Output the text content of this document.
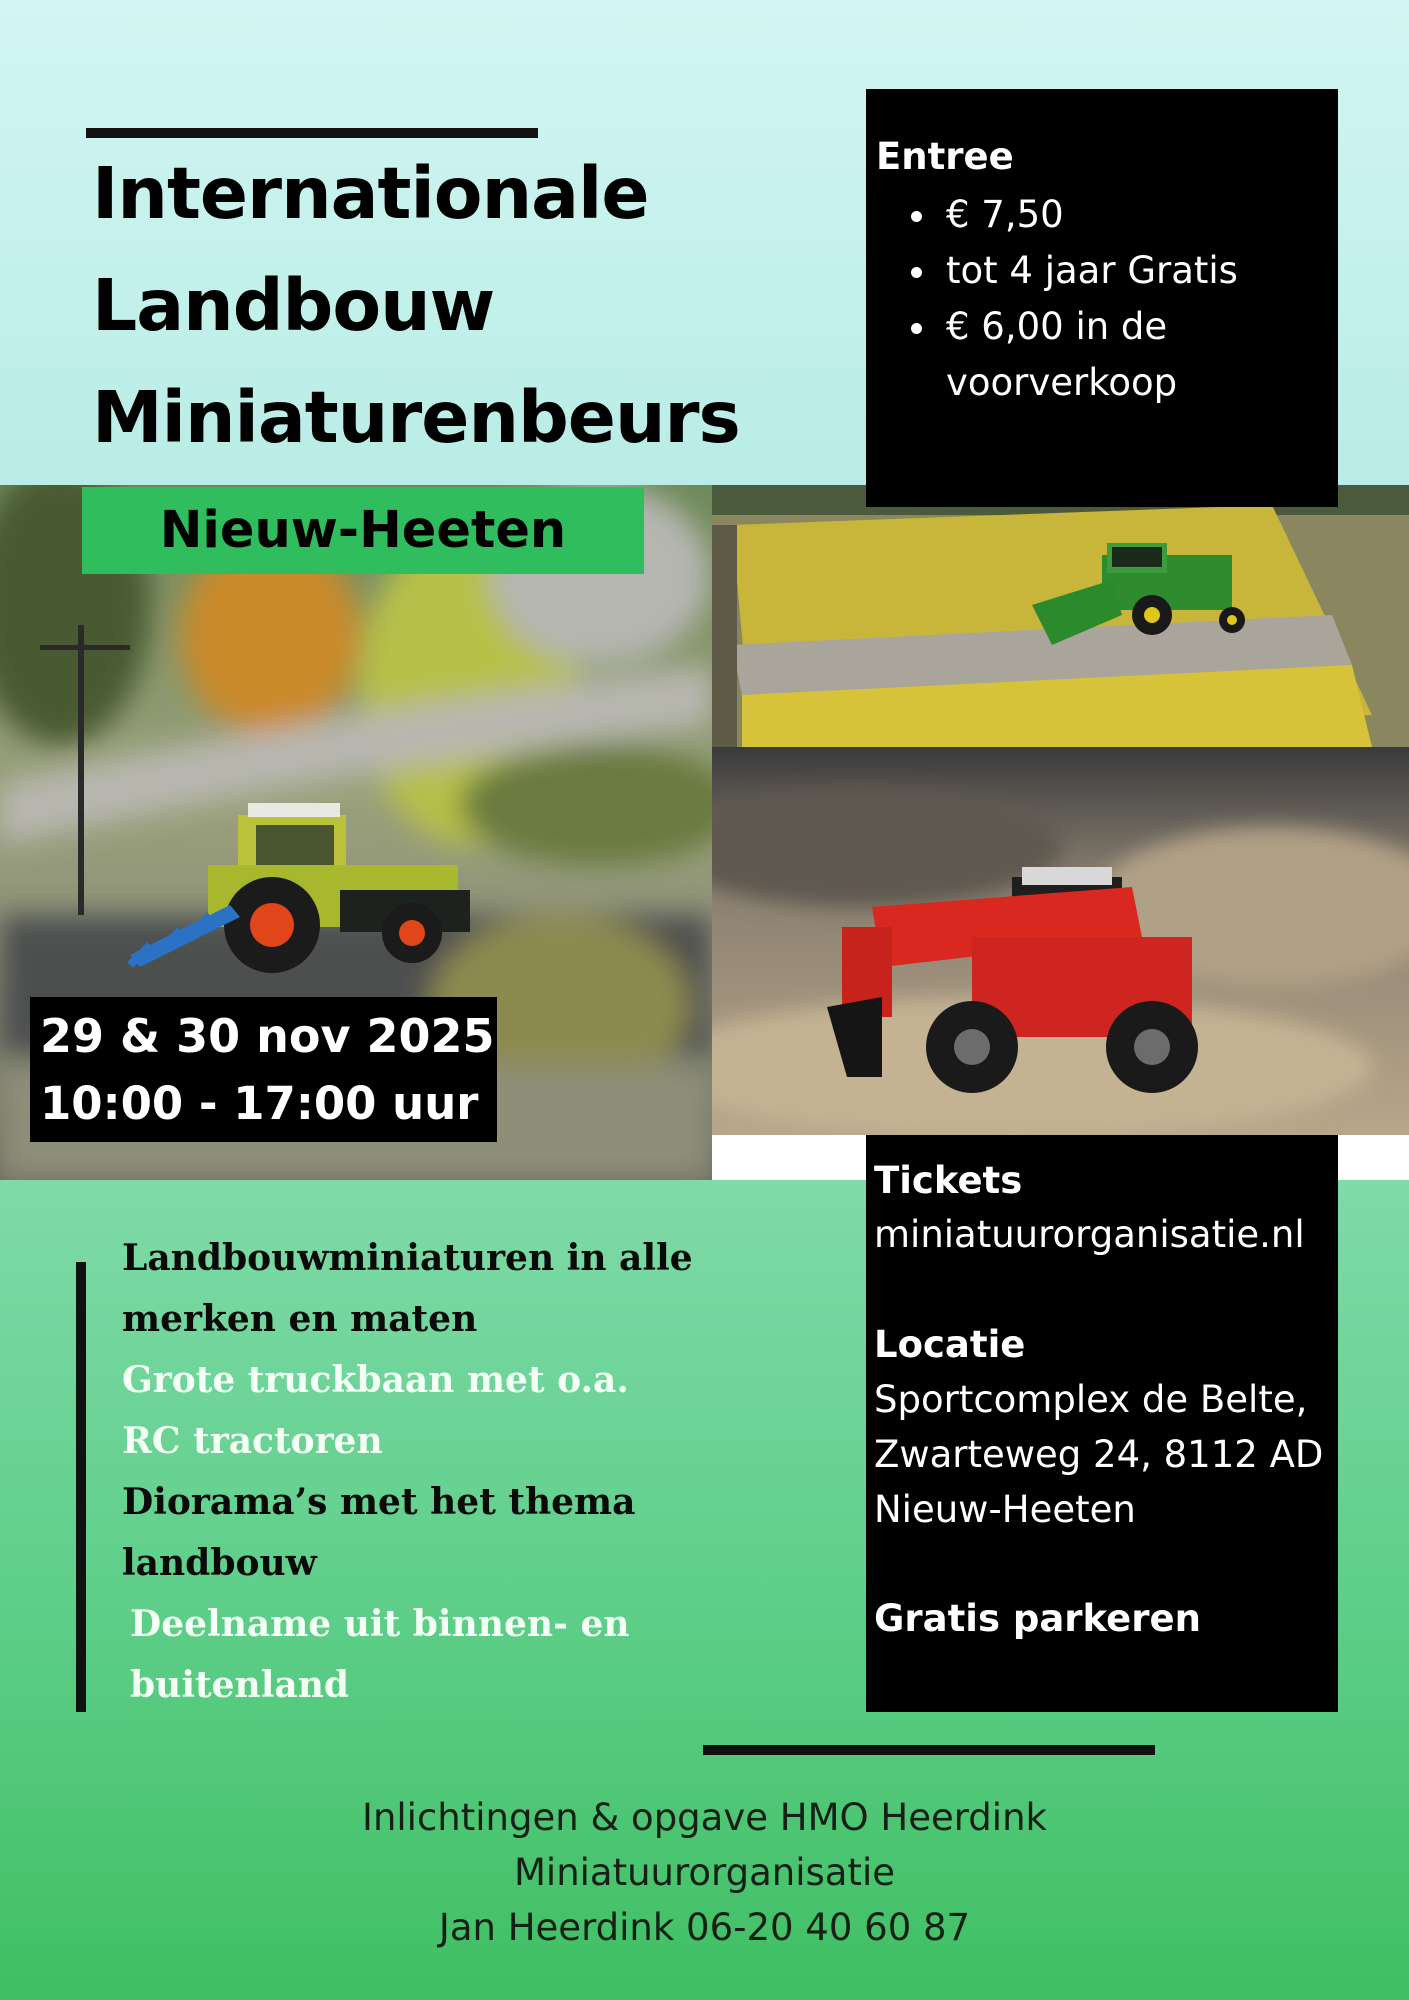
Internationale
Landbouw
Miniaturenbeurs
Nieuw-Heeten
Entree
• € 7,50
• tot 4 jaar Gratis
• € 6,00 in de voorverkoop
29 & 30 nov 2025
10:00 - 17:00 uur
Tickets
miniatuurorganisatie.nl
Locatie
Sportcomplex de Belte,
Zwarteweg 24, 8112 AD
Nieuw-Heeten
Gratis parkeren
Landbouwminiaturen in alle
merken en maten
Grote truckbaan met o.a.
RC tractoren
Diorama’s met het thema
landbouw
Deelname uit binnen- en
buitenland
Inlichtingen & opgave HMO Heerdink
Miniatuurorganisatie
Jan Heerdink 06-20 40 60 87
